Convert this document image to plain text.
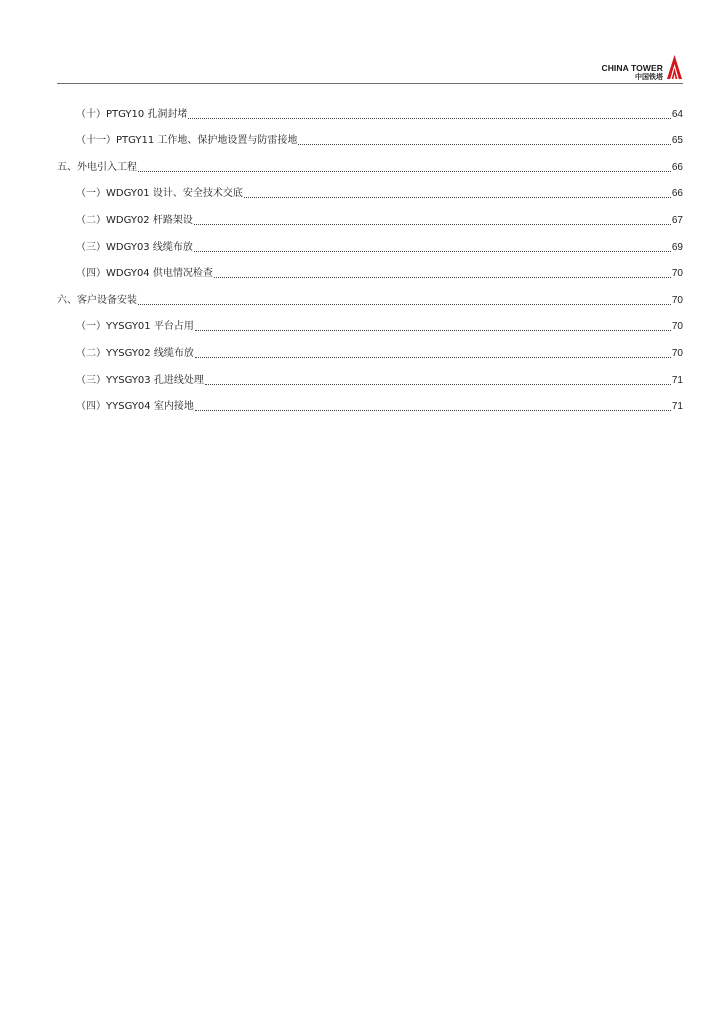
CHINA TOWER
中国铁塔
（十） PTGY10 孔洞封堵	64
（十一） PTGY11 工作地、保护地设置与防雷接地	65
五、 外电引入工程	66
（一） WDGY01 设计、安全技术交底	66
（二） WDGY02 杆路架设	67
（三） WDGY03 线缆布放	69
（四） WDGY04 供电情况检查	70
六、 客户设备安装	70
（一） YYSGY01 平台占用	70
（二） YYSGY02 线缆布放	70
（三） YYSGY03 孔进线处理	71
（四） YYSGY04 室内接地	71
